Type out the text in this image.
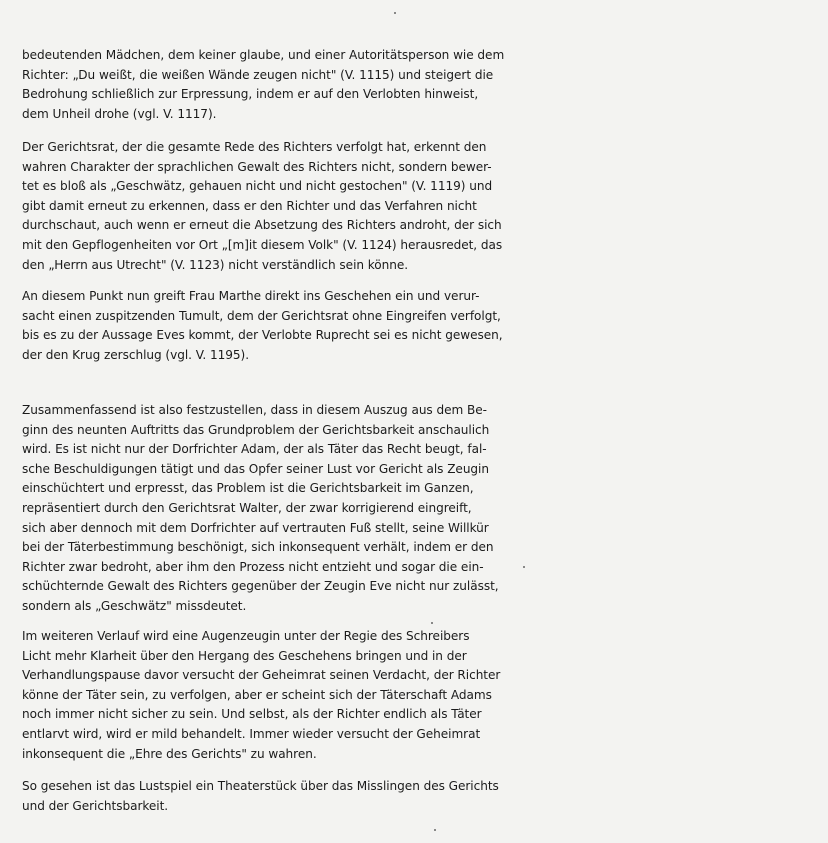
bedeutenden Mädchen, dem keiner glaube, und einer Autoritätsperson wie dem
Richter: „Du weißt, die weißen Wände zeugen nicht" (V. 1115) und steigert die
Bedrohung schließlich zur Erpressung, indem er auf den Verlobten hinweist,
dem Unheil drohe (vgl. V. 1117).

Der Gerichtsrat, der die gesamte Rede des Richters verfolgt hat, erkennt den
wahren Charakter der sprachlichen Gewalt des Richters nicht, sondern bewer-
tet es bloß als „Geschwätz, gehauen nicht und nicht gestochen" (V. 1119) und
gibt damit erneut zu erkennen, dass er den Richter und das Verfahren nicht
durchschaut, auch wenn er erneut die Absetzung des Richters androht, der sich
mit den Gepflogenheiten vor Ort „[m]it diesem Volk" (V. 1124) herausredet, das
den „Herrn aus Utrecht" (V. 1123) nicht verständlich sein könne.

An diesem Punkt nun greift Frau Marthe direkt ins Geschehen ein und verur-
sacht einen zuspitzenden Tumult, dem der Gerichtsrat ohne Eingreifen verfolgt,
bis es zu der Aussage Eves kommt, der Verlobte Ruprecht sei es nicht gewesen,
der den Krug zerschlug (vgl. V. 1195).

Zusammenfassend ist also festzustellen, dass in diesem Auszug aus dem Be-
ginn des neunten Auftritts das Grundproblem der Gerichtsbarkeit anschaulich
wird. Es ist nicht nur der Dorfrichter Adam, der als Täter das Recht beugt, fal-
sche Beschuldigungen tätigt und das Opfer seiner Lust vor Gericht als Zeugin
einschüchtert und erpresst, das Problem ist die Gerichtsbarkeit im Ganzen,
repräsentiert durch den Gerichtsrat Walter, der zwar korrigierend eingreift,
sich aber dennoch mit dem Dorfrichter auf vertrauten Fuß stellt, seine Willkür
bei der Täterbestimmung beschönigt, sich inkonsequent verhält, indem er den
Richter zwar bedroht, aber ihm den Prozess nicht entzieht und sogar die ein-
schüchternde Gewalt des Richters gegenüber der Zeugin Eve nicht nur zulässt,
sondern als „Geschwätz" missdeutet.

Im weiteren Verlauf wird eine Augenzeugin unter der Regie des Schreibers
Licht mehr Klarheit über den Hergang des Geschehens bringen und in der
Verhandlungspause davor versucht der Geheimrat seinen Verdacht, der Richter
könne der Täter sein, zu verfolgen, aber er scheint sich der Täterschaft Adams
noch immer nicht sicher zu sein. Und selbst, als der Richter endlich als Täter
entlarvt wird, wird er mild behandelt. Immer wieder versucht der Geheimrat
inkonsequent die „Ehre des Gerichts" zu wahren.

So gesehen ist das Lustspiel ein Theaterstück über das Misslingen des Gerichts
und der Gerichtsbarkeit.
